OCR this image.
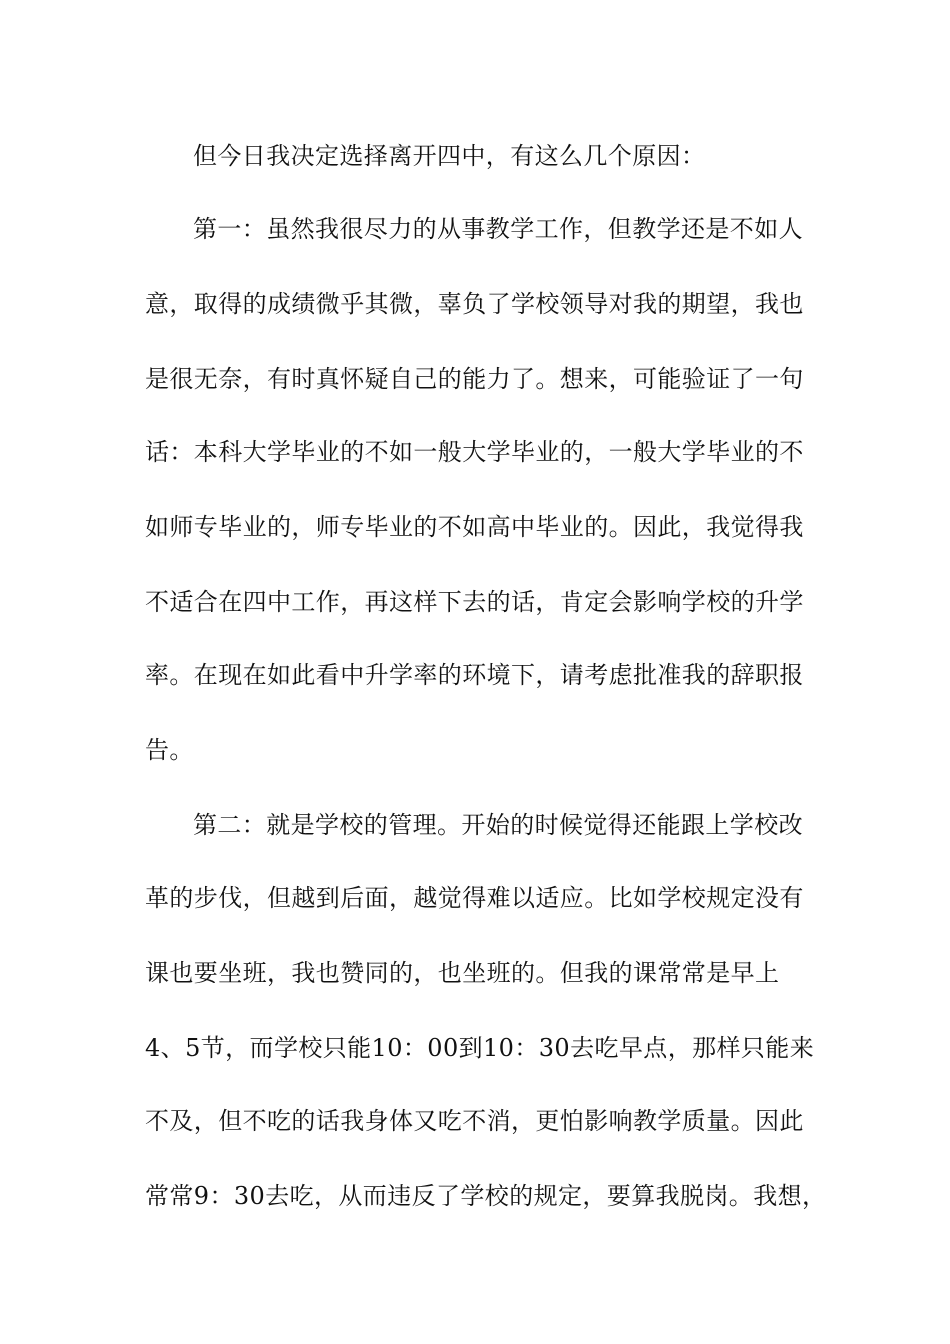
但今日我决定选择离开四中，有这么几个原因：
第一：虽然我很尽力的从事教学工作，但教学还是不如人
意，取得的成绩微乎其微，辜负了学校领导对我的期望，我也
是很无奈，有时真怀疑自己的能力了。想来，可能验证了一句
话：本科大学毕业的不如一般大学毕业的，一般大学毕业的不
如师专毕业的，师专毕业的不如高中毕业的。因此，我觉得我
不适合在四中工作，再这样下去的话，肯定会影响学校的升学
率。在现在如此看中升学率的环境下，请考虑批准我的辞职报
告。
第二：就是学校的管理。开始的时候觉得还能跟上学校改
革的步伐，但越到后面，越觉得难以适应。比如学校规定没有
课也要坐班，我也赞同的，也坐班的。但我的课常常是早上
4、5节，而学校只能10：00到10：30去吃早点，那样只能来
不及，但不吃的话我身体又吃不消，更怕影响教学质量。因此
常常9：30去吃，从而违反了学校的规定，要算我脱岗。我想，
